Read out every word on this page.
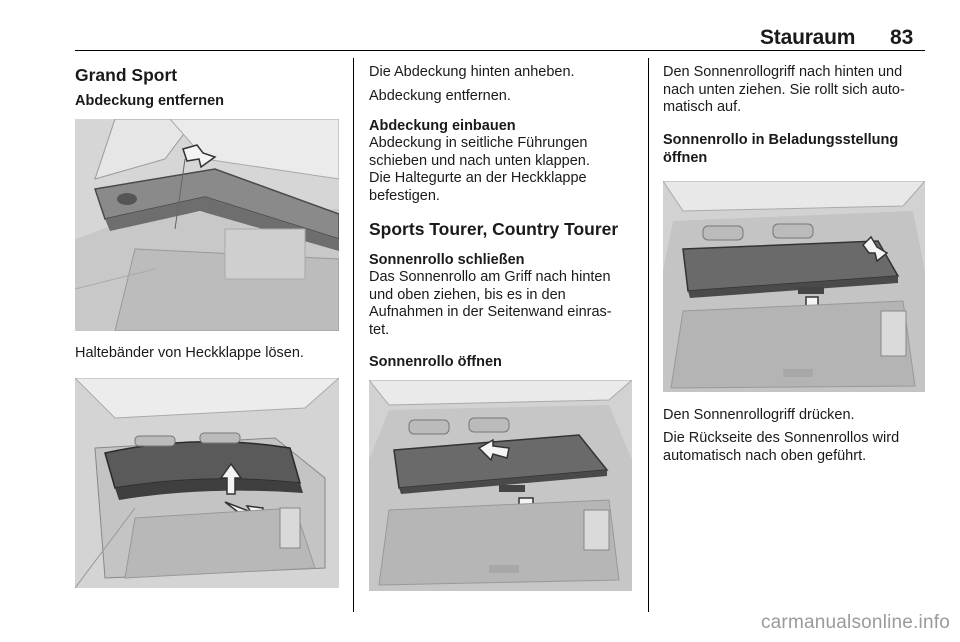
Stauraum 83
Grand Sport
Abdeckung entfernen
Haltebänder von Heckklappe lösen.
Die Abdeckung hinten anheben.
Abdeckung entfernen.
Abdeckung einbauen
Abdeckung in seitliche Führungen
schieben und nach unten klappen.
Die Haltegurte an der Heckklappe
befestigen.
Sports Tourer, Country Tourer
Sonnenrollo schließen
Das Sonnenrollo am Griff nach hinten
und oben ziehen, bis es in den
Aufnahmen in der Seitenwand einras-
tet.
Sonnenrollo öffnen
Den Sonnenrollogriff nach hinten und
nach unten ziehen. Sie rollt sich auto-
matisch auf.
Sonnenrollo in Beladungsstellung
öffnen
Den Sonnenrollogriff drücken.
Die Rückseite des Sonnenrollos wird
automatisch nach oben geführt.
carmanualsonline.info
